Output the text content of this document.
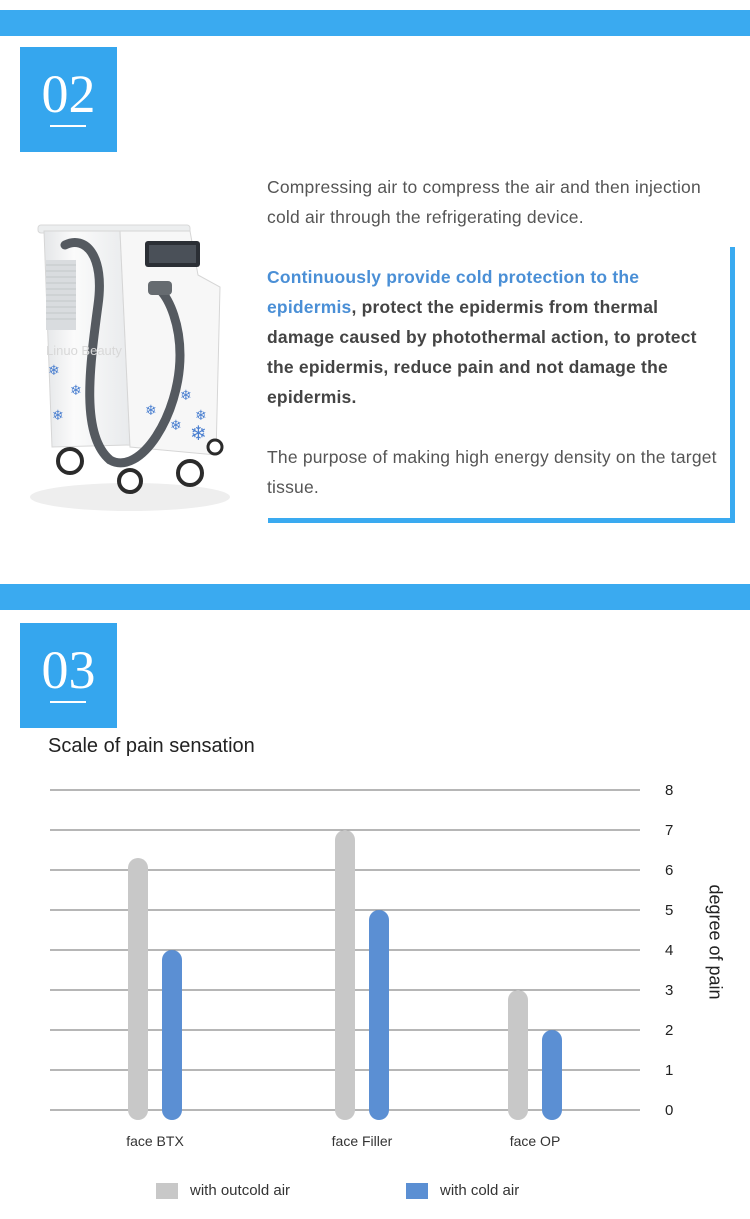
02
Linuo Beauty
❄
❄
❄
❄
❄
❄ ❄
❄
Compressing air to compress the air and then injection cold air through the refrigerating device.
Continuously provide cold protection to the epidermis, protect the epidermis from thermal damage caused by photothermal action, to protect the epidermis, reduce pain and not damage the epidermis.
The purpose of making high energy density on the target tissue.
03
Scale of pain sensation
0
1
2
3
4
5
6
7
8
face BTX	face Filler	face OP
degree of pain
with outcold air	with cold air
